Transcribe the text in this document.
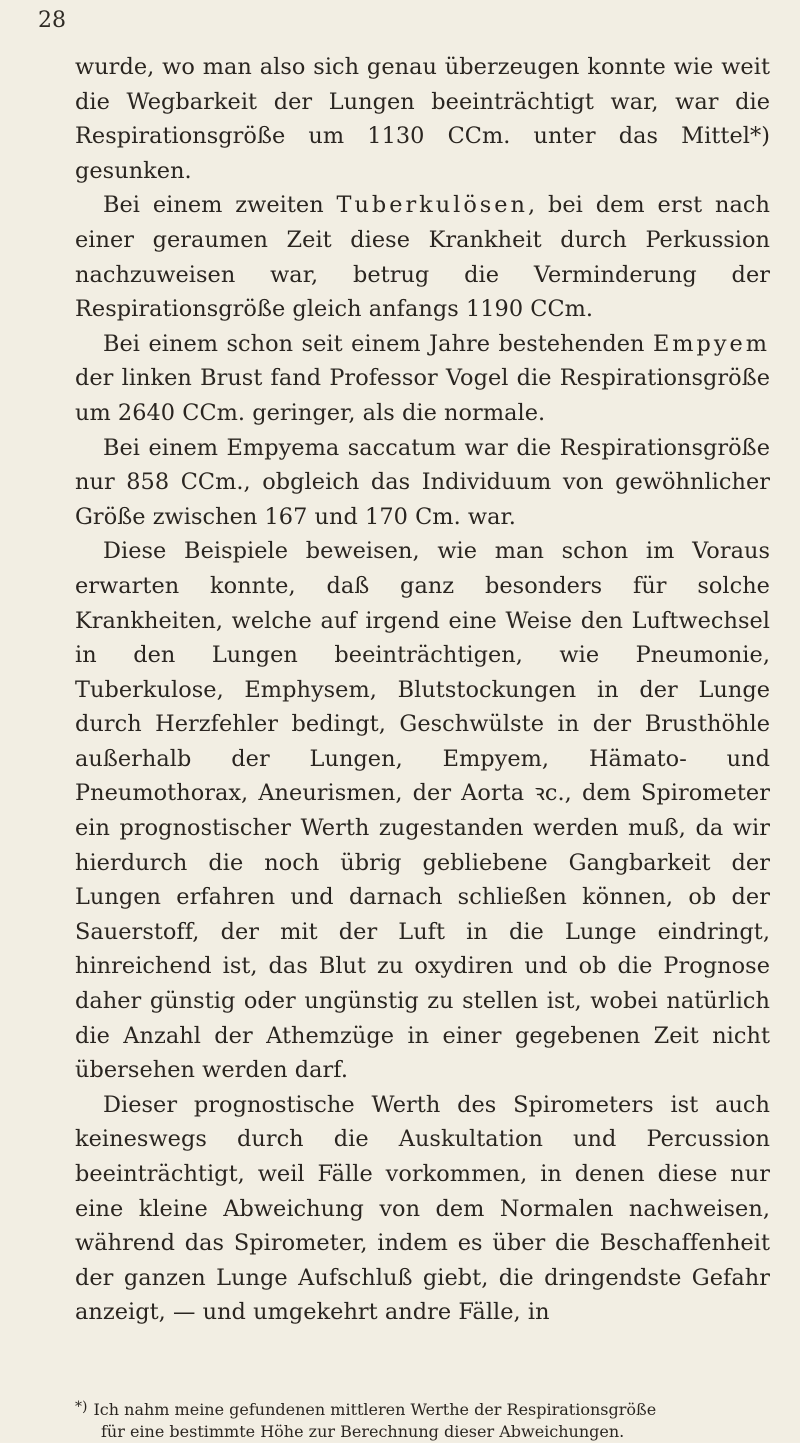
28

wurde, wo man also sich genau überzeugen konnte wie weit die Wegbarkeit der Lungen beeinträchtigt war, war die Respirationsgröße um 1130 CCm. unter das Mittel*) gesunken.

Bei einem zweiten Tuberkulösen, bei dem erst nach einer geraumen Zeit diese Krankheit durch Perkussion nachzuweisen war, betrug die Verminderung der Respirationsgröße gleich anfangs 1190 CCm.

Bei einem schon seit einem Jahre bestehenden Empyem der linken Brust fand Professor Vogel die Respirationsgröße um 2640 CCm. geringer, als die normale.

Bei einem Empyema saccatum war die Respirationsgröße nur 858 CCm., obgleich das Individuum von gewöhnlicher Größe zwischen 167 und 170 Cm. war.

Diese Beispiele beweisen, wie man schon im Voraus erwarten konnte, daß ganz besonders für solche Krankheiten, welche auf irgend eine Weise den Luftwechsel in den Lungen beeinträchtigen, wie Pneumonie, Tuberkulose, Emphysem, Blutstockungen in der Lunge durch Herzfehler bedingt, Geschwülste in der Brusthöhle außerhalb der Lungen, Empyem, Hämato- und Pneumothorax, Aneurismen, der Aorta ꝛc., dem Spirometer ein prognostischer Werth zugestanden werden muß, da wir hierdurch die noch übrig gebliebene Gangbarkeit der Lungen erfahren und darnach schließen können, ob der Sauerstoff, der mit der Luft in die Lunge eindringt, hinreichend ist, das Blut zu oxydiren und ob die Prognose daher günstig oder ungünstig zu stellen ist, wobei natürlich die Anzahl der Athemzüge in einer gegebenen Zeit nicht übersehen werden darf.

Dieser prognostische Werth des Spirometers ist auch keineswegs durch die Auskultation und Percussion beeinträchtigt, weil Fälle vorkommen, in denen diese nur eine kleine Abweichung von dem Normalen nachweisen, während das Spirometer, indem es über die Beschaffenheit der ganzen Lunge Aufschluß giebt, die dringendste Gefahr anzeigt, — und umgekehrt andre Fälle, in

*) Ich nahm meine gefundenen mittleren Werthe der Respirationsgröße
für eine bestimmte Höhe zur Berechnung dieser Abweichungen.
